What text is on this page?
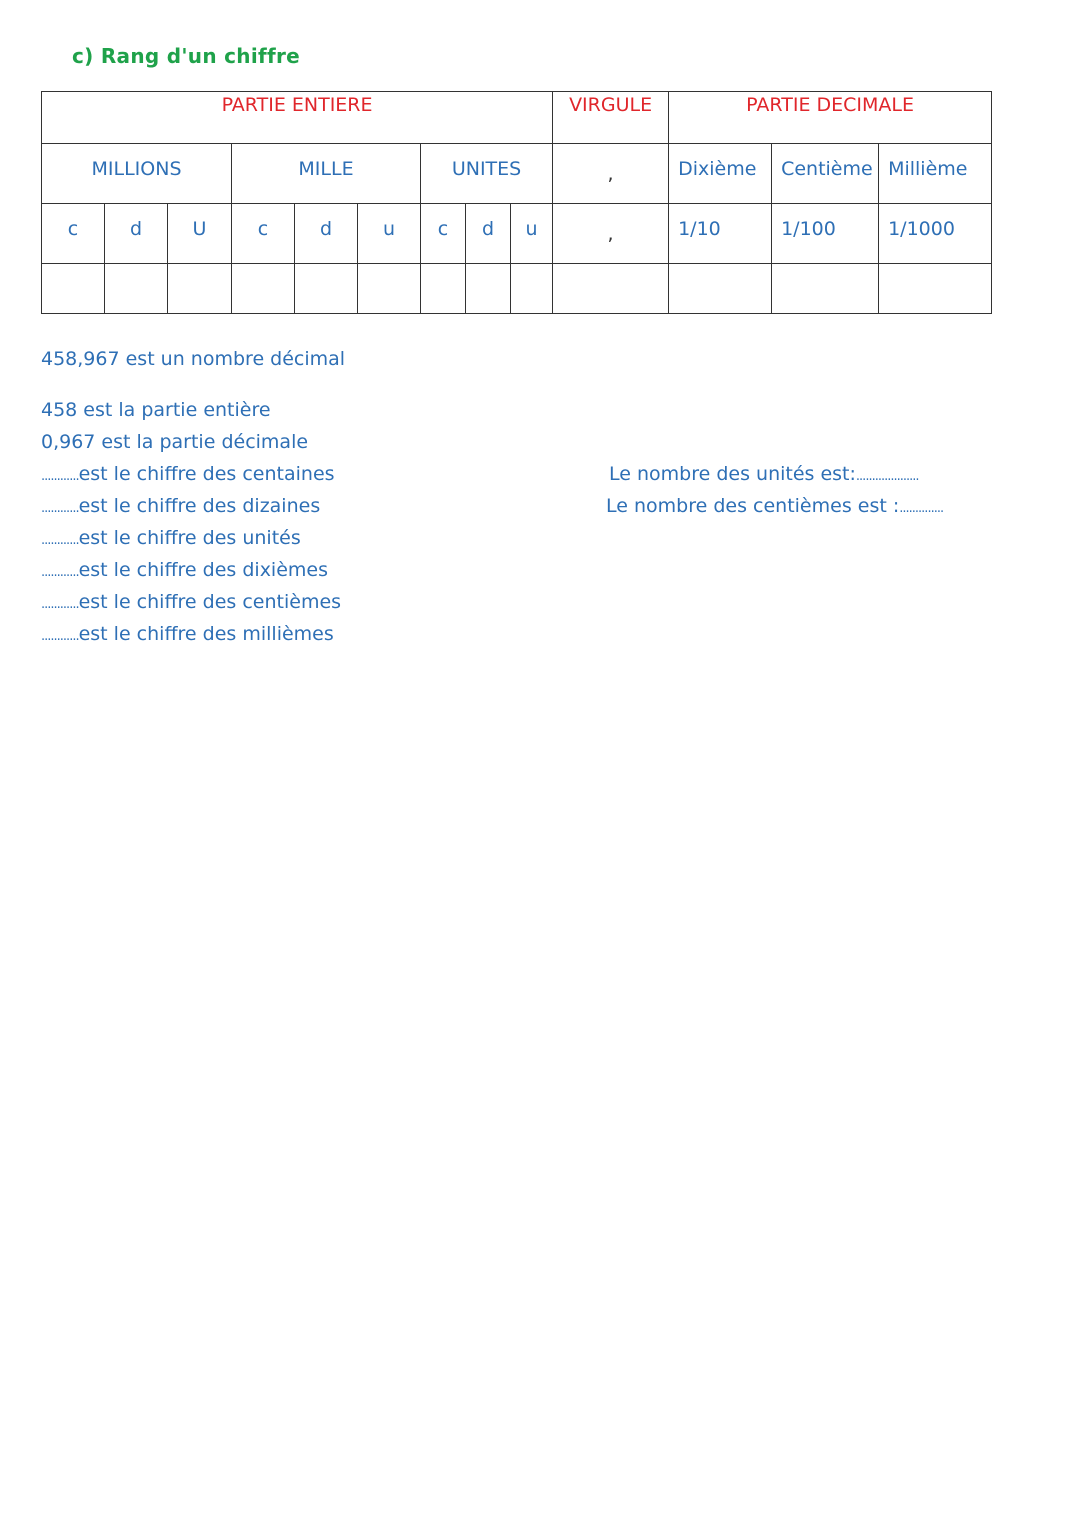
c) Rang d'un chiffre
PARTIE ENTIERE									VIRGULE	PARTIE DECIMALE		
MILLIONS			MILLE			UNITES			,	Dixième	Centième	Millième
c	d	U	c	d	u	c	d	u	,	1/10	1/100	1/1000

458,967 est un nombre décimal
458 est la partie entière
0,967 est la partie décimale
............est le chiffre des centaines
............est le chiffre des dizaines
............est le chiffre des unités
............est le chiffre des dixièmes
............est le chiffre des centièmes
............est le chiffre des millièmes
Le nombre des unités est:....................
Le nombre des centièmes est :..............
